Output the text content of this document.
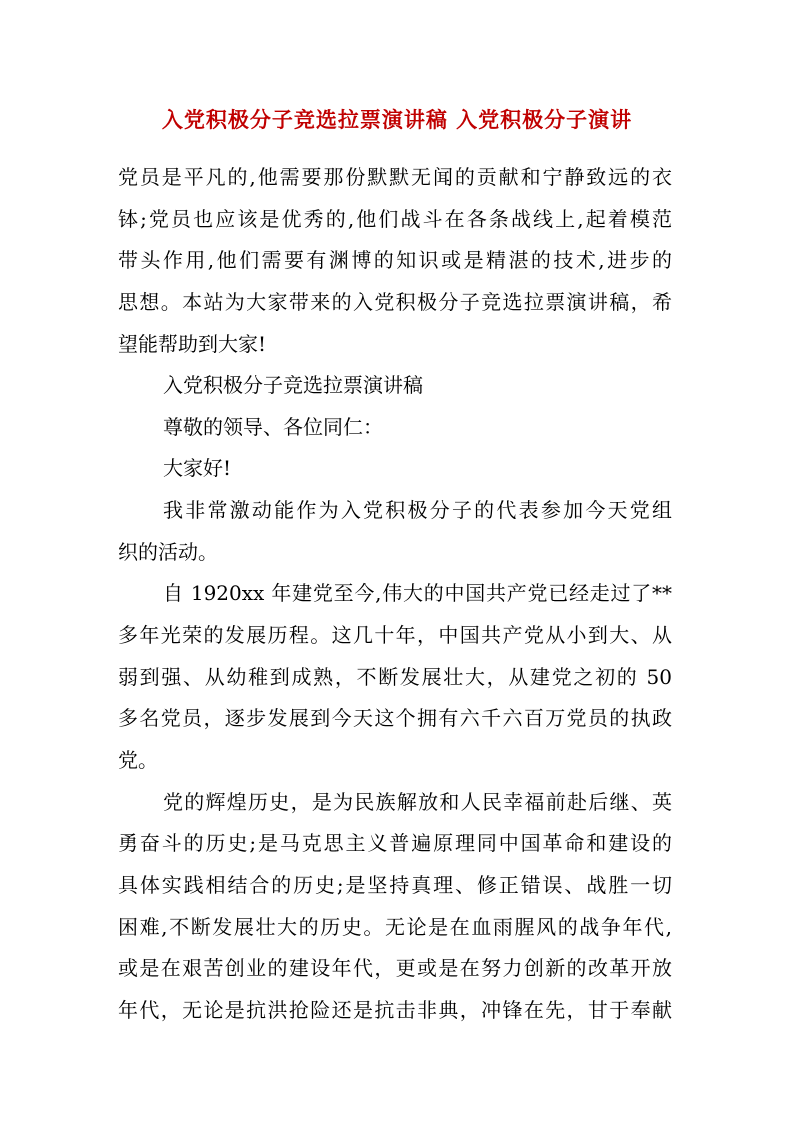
入党积极分子竞选拉票演讲稿 入党积极分子演讲
党员是平凡的,他需要那份默默无闻的贡献和宁静致远的衣
钵;党员也应该是优秀的,他们战斗在各条战线上,起着模范
带头作用,他们需要有渊博的知识或是精湛的技术,进步的
思想。本站为大家带来的入党积极分子竞选拉票演讲稿，希
望能帮助到大家!
入党积极分子竞选拉票演讲稿
尊敬的领导、各位同仁：
大家好!
我非常激动能作为入党积极分子的代表参加今天党组
织的活动。
自 1920xx 年建党至今,伟大的中国共产党已经走过了**
多年光荣的发展历程。这几十年，中国共产党从小到大、从
弱到强、从幼稚到成熟，不断发展壮大，从建党之初的 50
多名党员，逐步发展到今天这个拥有六千六百万党员的执政
党。
党的辉煌历史，是为民族解放和人民幸福前赴后继、英
勇奋斗的历史;是马克思主义普遍原理同中国革命和建设的
具体实践相结合的历史;是坚持真理、修正错误、战胜一切
困难,不断发展壮大的历史。无论是在血雨腥风的战争年代,
或是在艰苦创业的建设年代，更或是在努力创新的改革开放
年代，无论是抗洪抢险还是抗击非典，冲锋在先，甘于奉献
